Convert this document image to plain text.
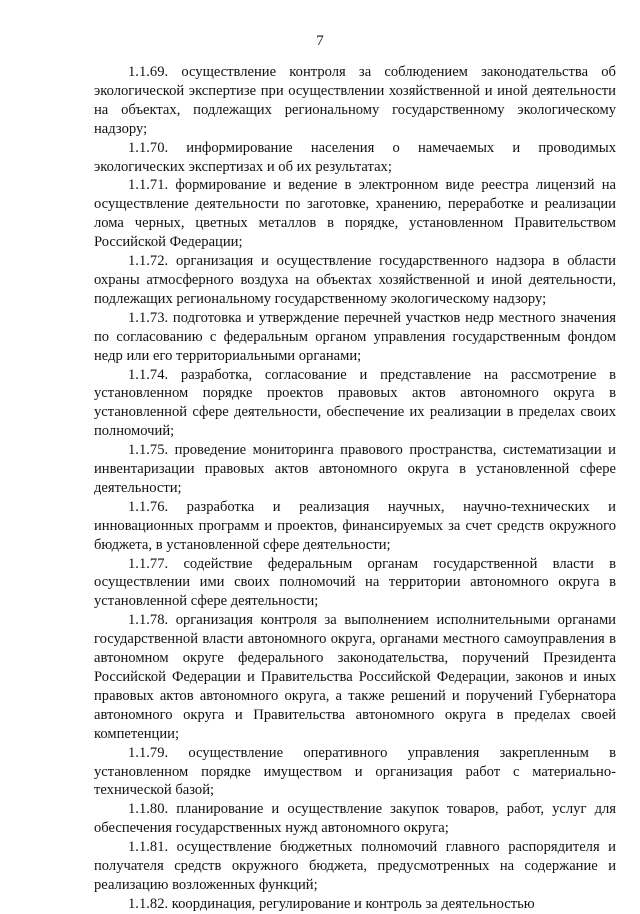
7

1.1.69. осуществление контроля за соблюдением законодательства об экологической экспертизе при осуществлении хозяйственной и иной деятельности на объектах, подлежащих региональному государственному экологическому надзору;

1.1.70. информирование населения о намечаемых и проводимых экологических экспертизах и об их результатах;

1.1.71. формирование и ведение в электронном виде реестра лицензий на осуществление деятельности по заготовке, хранению, переработке и реализации лома черных, цветных металлов в порядке, установленном Правительством Российской Федерации;

1.1.72. организация и осуществление государственного надзора в области охраны атмосферного воздуха на объектах хозяйственной и иной деятельности, подлежащих региональному государственному экологическому надзору;

1.1.73. подготовка и утверждение перечней участков недр местного значения по согласованию с федеральным органом управления государственным фондом недр или его территориальными органами;

1.1.74. разработка, согласование и представление на рассмотрение в установленном порядке проектов правовых актов автономного округа в установленной сфере деятельности, обеспечение их реализации в пределах своих полномочий;

1.1.75. проведение мониторинга правового пространства, систематизации и инвентаризации правовых актов автономного округа в установленной сфере деятельности;

1.1.76. разработка и реализация научных, научно-технических и инновационных программ и проектов, финансируемых за счет средств окружного бюджета, в установленной сфере деятельности;

1.1.77. содействие федеральным органам государственной власти в осуществлении ими своих полномочий на территории автономного округа в установленной сфере деятельности;

1.1.78. организация контроля за выполнением исполнительными органами государственной власти автономного округа, органами местного самоуправления в автономном округе федерального законодательства, поручений Президента Российской Федерации и Правительства Российской Федерации, законов и иных правовых актов автономного округа, а также решений и поручений Губернатора автономного округа и Правительства автономного округа в пределах своей компетенции;

1.1.79. осуществление оперативного управления закрепленным в установленном порядке имуществом и организация работ с материально-технической базой;

1.1.80. планирование и осуществление закупок товаров, работ, услуг для обеспечения государственных нужд автономного округа;

1.1.81. осуществление бюджетных полномочий главного распорядителя и получателя средств окружного бюджета, предусмотренных на содержание и реализацию возложенных функций;

1.1.82. координация, регулирование и контроль за деятельностью
